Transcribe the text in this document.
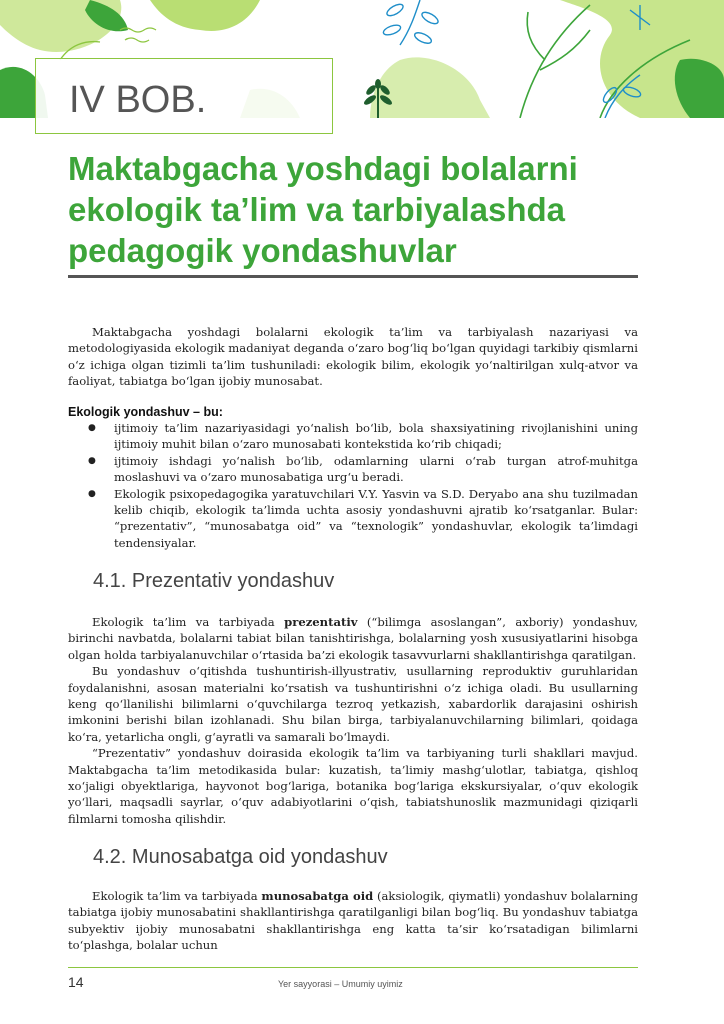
IV BOB.
Maktabgacha yoshdagi bolalarni ekologik ta’lim va tarbiyalashda pedagogik yondashuvlar

Maktabgacha yoshdagi bolalarni ekologik ta’lim va tarbiyalash nazariyasi va metodologiyasida ekologik madaniyat deganda oʻzaro bogʻliq boʻlgan quyidagi tarkibiy qismlarni oʻz ichiga olgan tizimli ta’lim tushuniladi: ekologik bilim, ekologik yoʻnaltirilgan xulq-atvor va faoliyat, tabiatga boʻlgan ijobiy munosabat.

Ekologik yondashuv – bu:
● ijtimoiy ta’lim nazariyasidagi yoʻnalish boʻlib, bola shaxsiyatining rivojlanishini uning ijtimoiy muhit bilan oʻzaro munosabati kontekstida koʻrib chiqadi;
● ijtimoiy ishdagi yoʻnalish boʻlib, odamlarning ularni oʻrab turgan atrof-muhitga moslashuvi va oʻzaro munosabatiga urgʻu beradi.
● Ekologik psixopedagogika yaratuvchilari V.Y. Yasvin va S.D. Deryabo ana shu tuzilmadan kelib chiqib, ekologik ta’limda uchta asosiy yondashuvni ajratib koʻrsatganlar. Bular: “prezentativ”, “munosabatga oid” va “texnologik” yondashuvlar, ekologik ta’limdagi tendensiyalar.
4.1. Prezentativ yondashuv

Ekologik ta’lim va tarbiyada prezentativ (“bilimga asoslangan”, axboriy) yondashuv, birinchi navbatda, bolalarni tabiat bilan tanishtirishga, bolalarning yosh xususiyatlarini hisobga olgan holda tarbiyalanuvchilar oʻrtasida ba’zi ekologik tasavvurlarni shakllantirishga qaratilgan.

Bu yondashuv oʻqitishda tushuntirish-illyustrativ, usullarning reproduktiv guruhlaridan foydalanishni, asosan materialni koʻrsatish va tushuntirishni oʻz ichiga oladi. Bu usullarning keng qoʻllanilishi bilimlarni oʻquvchilarga tezroq yetkazish, xabardorlik darajasini oshirish imkonini berishi bilan izohlanadi. Shu bilan birga, tarbiyalanuvchilarning bilimlari, qoidaga koʻra, yetarlicha ongli, gʻayratli va samarali boʻlmaydi.

“Prezentativ” yondashuv doirasida ekologik ta’lim va tarbiyaning turli shakllari mavjud. Maktabgacha ta’lim metodikasida bular: kuzatish, ta’limiy mashgʻulotlar, tabiatga, qishloq xoʻjaligi obyektlariga, hayvonot bogʻlariga, botanika bogʻlariga ekskursiyalar, oʻquv ekologik yoʻllari, maqsadli sayrlar, oʻquv adabiyotlarini oʻqish, tabiatshunoslik mazmunidagi qiziqarli filmlarni tomosha qilishdir.

4.2. Munosabatga oid yondashuv

Ekologik ta’lim va tarbiyada munosabatga oid (aksiologik, qiymatli) yondashuv bolalarning tabiatga ijobiy munosabatini shakllantirishga qaratilganligi bilan bogʻliq. Bu yondashuv tabiatga subyektiv ijobiy munosabatni shakllantirishga eng katta ta’sir koʻrsatadigan bilimlarni toʻplashga, bolalar uchun

14	Yer sayyorasi – Umumiy uyimiz
